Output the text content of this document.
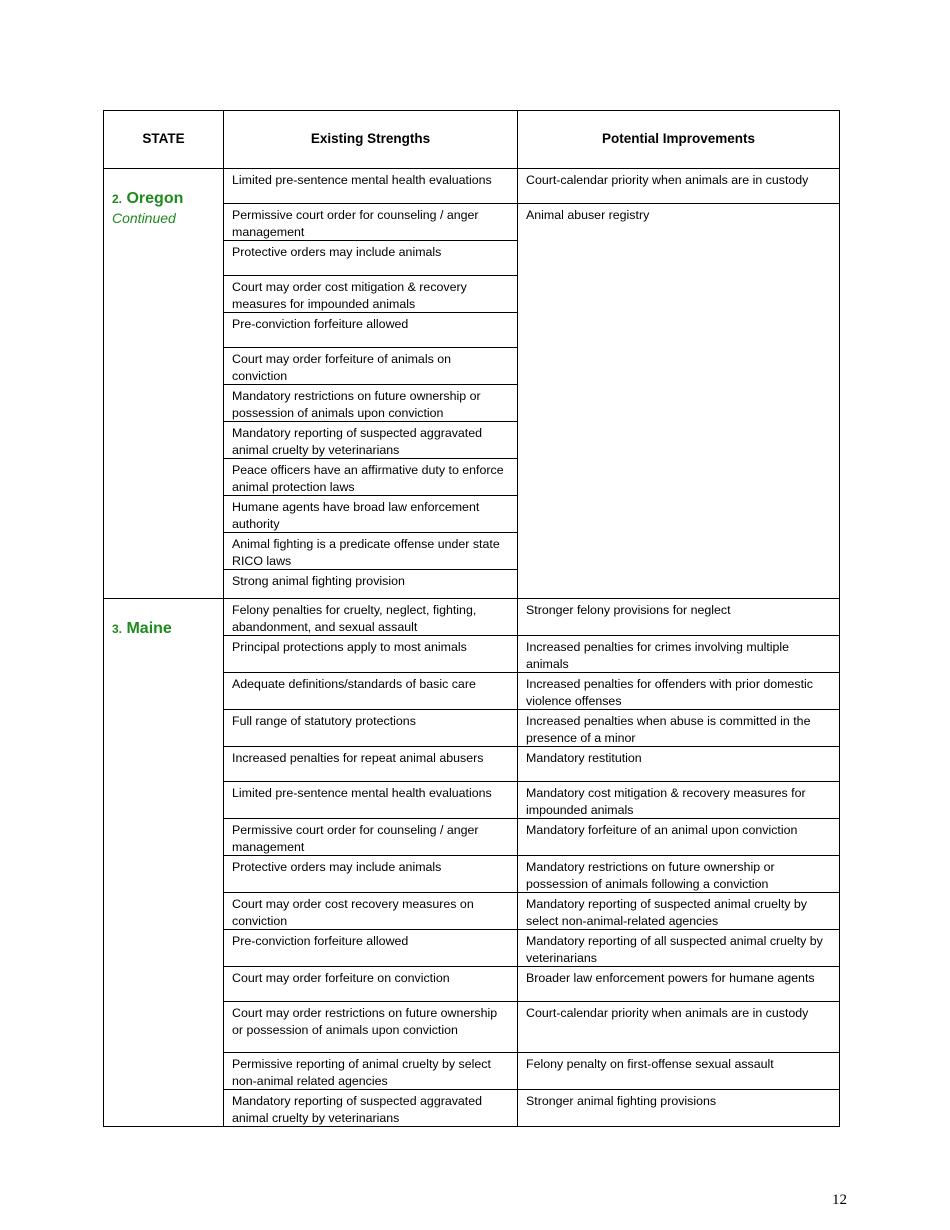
STATE	Existing Strengths	Potential Improvements

2. Oregon
Continued	Limited pre-sentence mental health evaluations	Court-calendar priority when animals are in custody
	Permissive court order for counseling / anger management	Animal abuser registry
	Protective orders may include animals	
	Court may order cost mitigation & recovery measures for impounded animals	
	Pre-conviction forfeiture allowed	
	Court may order forfeiture of animals on conviction	
	Mandatory restrictions on future ownership or possession of animals upon conviction	
	Mandatory reporting of suspected aggravated animal cruelty by veterinarians	
	Peace officers have an affirmative duty to enforce animal protection laws	
	Humane agents have broad law enforcement authority	
	Animal fighting is a predicate offense under state RICO laws	
	Strong animal fighting provision	

3. Maine	Felony penalties for cruelty, neglect, fighting, abandonment, and sexual assault	Stronger felony provisions for neglect
	Principal protections apply to most animals	Increased penalties for crimes involving multiple animals
	Adequate definitions/standards of basic care	Increased penalties for offenders with prior domestic violence offenses
	Full range of statutory protections	Increased penalties when abuse is committed in the presence of a minor
	Increased penalties for repeat animal abusers	Mandatory restitution
	Limited pre-sentence mental health evaluations	Mandatory cost mitigation & recovery measures for impounded animals
	Permissive court order for counseling / anger management	Mandatory forfeiture of an animal upon conviction
	Protective orders may include animals	Mandatory restrictions on future ownership or possession of animals following a conviction
	Court may order cost recovery measures on conviction	Mandatory reporting of suspected animal cruelty by select non-animal-related agencies
	Pre-conviction forfeiture allowed	Mandatory reporting of all suspected animal cruelty by veterinarians
	Court may order forfeiture on conviction	Broader law enforcement powers for humane agents
	Court may order restrictions on future ownership or possession of animals upon conviction	Court-calendar priority when animals are in custody
	Permissive reporting of animal cruelty by select non-animal related agencies	Felony penalty on first-offense sexual assault
	Mandatory reporting of suspected aggravated animal cruelty by veterinarians	Stronger animal fighting provisions
12
